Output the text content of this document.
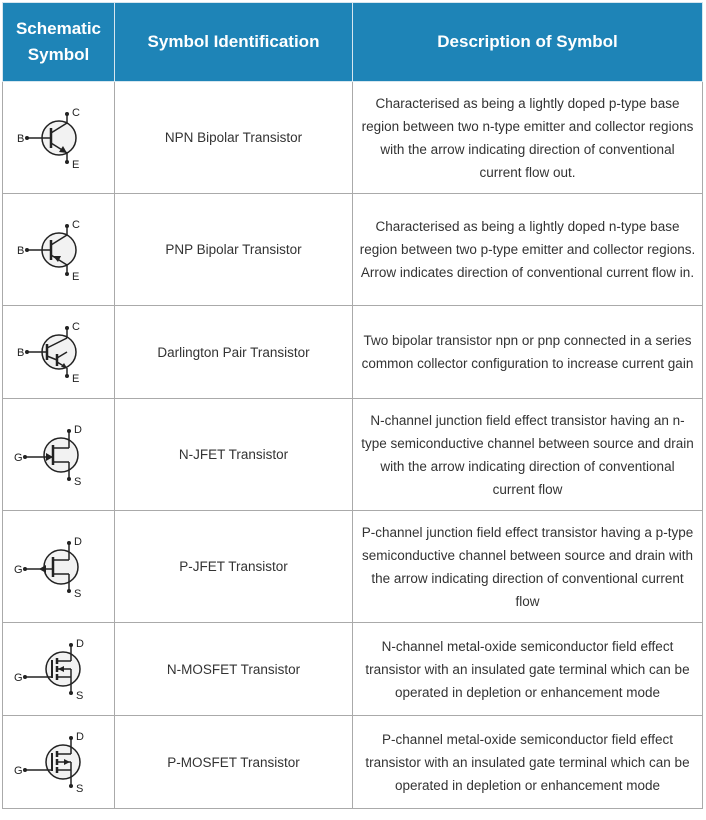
Schematic Symbol	Symbol Identification	Description of Symbol

B
C
E	NPN Bipolar Transistor	Characterised as being a lightly doped p-type base region between two n-type emitter and collector regions with the arrow indicating direction of conventional current flow out.

B
C
E	PNP Bipolar Transistor	Characterised as being a lightly doped n-type base region between two p-type emitter and collector regions. Arrow indicates direction of conventional current flow in.

B
C
E	Darlington Pair Transistor	Two bipolar transistor npn or pnp connected in a series common collector configuration to increase current gain

G
D
S	N-JFET Transistor	N-channel junction field effect transistor having an n-type semiconductive channel between source and drain with the arrow indicating direction of conventional current flow

G
D
S	P-JFET Transistor	P-channel junction field effect transistor having a p-type semiconductive channel between source and drain with the arrow indicating direction of conventional current flow

G
D
S	N-MOSFET Transistor	N-channel metal-oxide semiconductor field effect transistor with an insulated gate terminal which can be operated in depletion or enhancement mode

G
D
S	P-MOSFET Transistor	P-channel metal-oxide semiconductor field effect transistor with an insulated gate terminal which can be operated in depletion or enhancement mode
